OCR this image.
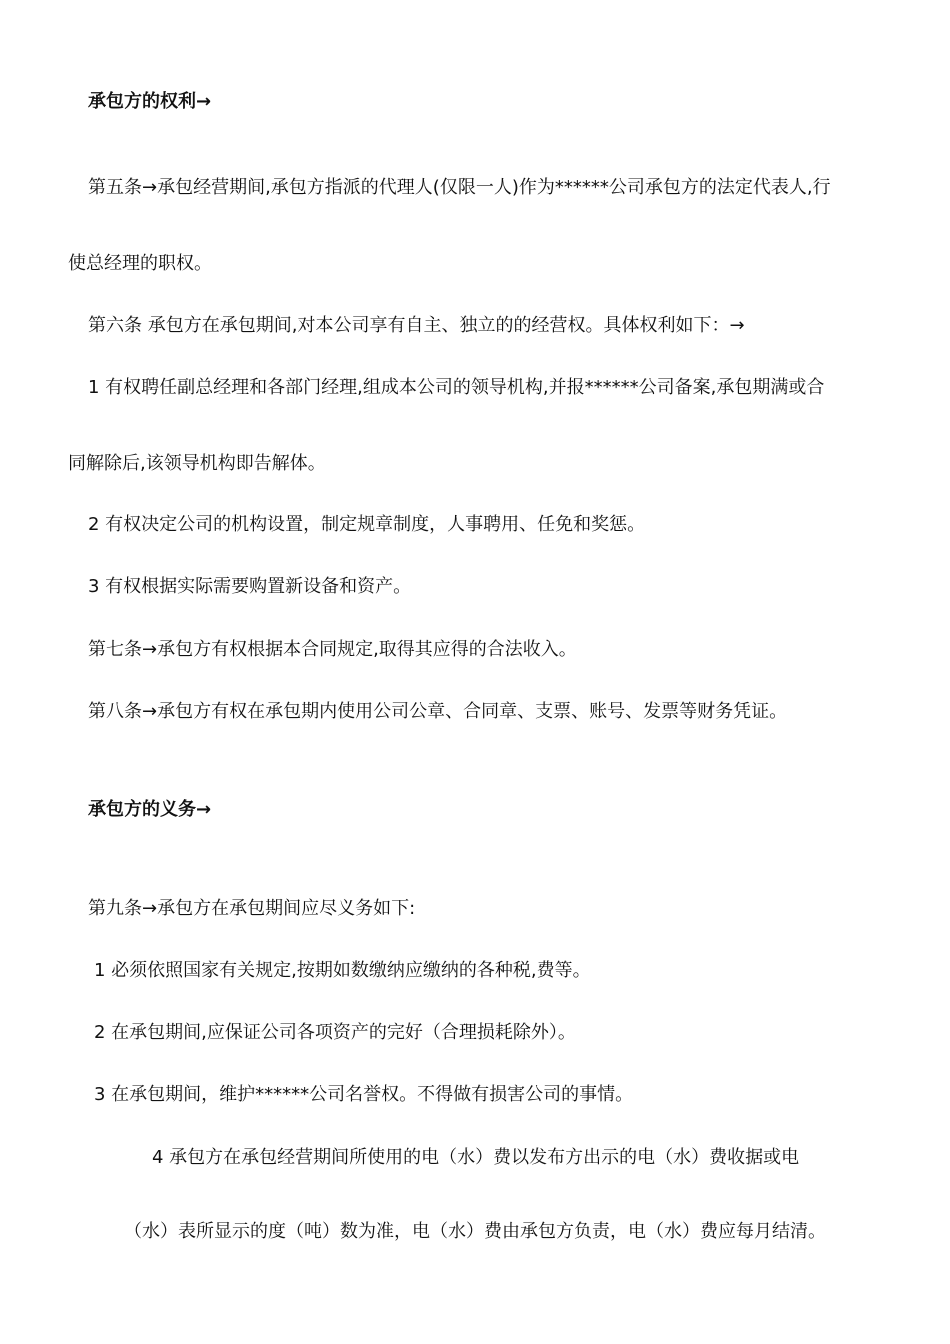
承包方的权利→
第五条→承包经营期间,承包方指派的代理人(仅限一人)作为******公司承包方的法定代表人,行
使总经理的职权。
第六条 承包方在承包期间,对本公司享有自主、独立的的经营权。具体权利如下：→
1 有权聘任副总经理和各部门经理,组成本公司的领导机构,并报******公司备案,承包期满或合
同解除后,该领导机构即告解体。
2 有权决定公司的机构设置，制定规章制度，人事聘用、任免和奖惩。
3 有权根据实际需要购置新设备和资产。
第七条→承包方有权根据本合同规定,取得其应得的合法收入。
第八条→承包方有权在承包期内使用公司公章、合同章、支票、账号、发票等财务凭证。
承包方的义务→
第九条→承包方在承包期间应尽义务如下:
1 必须依照国家有关规定,按期如数缴纳应缴纳的各种税,费等。
2 在承包期间,应保证公司各项资产的完好（合理损耗除外）。
3 在承包期间，维护******公司名誉权。不得做有损害公司的事情。
4 承包方在承包经营期间所使用的电（水）费以发布方出示的电（水）费收据或电
（水）表所显示的度（吨）数为准，电（水）费由承包方负责，电（水）费应每月结清。
